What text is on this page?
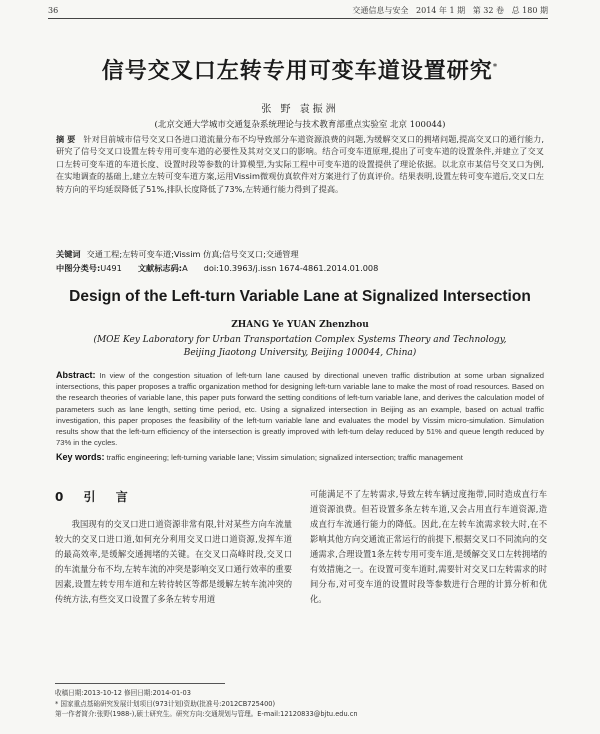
36	交通信息与安全 2014 年 1 期 第 32 卷 总 180 期
信号交叉口左转专用可变车道设置研究*
张 野 袁振洲
(北京交通大学城市交通复杂系统理论与技术教育部重点实验室 北京 100044)
摘 要 针对目前城市信号交叉口各进口道流量分布不均导致部分车道资源浪费的问题,为缓解交叉口的拥堵问题,提高交叉口的通行能力,研究了信号交叉口设置左转专用可变车道的必要性及其对交叉口的影响。结合可变车道原理,提出了可变车道的设置条件,并建立了交叉口左转可变车道的车道长度、设置时段等参数的计算模型,为实际工程中可变车道的设置提供了理论依据。以北京市某信号交叉口为例,在实地调查的基础上,建立左转可变车道方案,运用Vissim微观仿真软件对方案进行了仿真评价。结果表明,设置左转可变车道后,交叉口左转方向的平均延误降低了51%,排队长度降低了73%,左转通行能力得到了提高。
关键词 交通工程;左转可变车道;Vissim 仿真;信号交叉口;交通管理
中图分类号:U491 文献标志码:A doi:10.3963/j.issn 1674-4861.2014.01.008
Design of the Left-turn Variable Lane at Signalized Intersection
ZHANG Ye YUAN Zhenzhou
(MOE Key Laboratory for Urban Transportation Complex Systems Theory and Technology, Beijing Jiaotong University, Beijing 100044, China)
Abstract: In view of the congestion situation of left-turn lane caused by directional uneven traffic distribution at some urban signalized intersections, this paper proposes a traffic organization method for designing left-turn variable lane to make the most of road resources. Based on the research theories of variable lane, this paper puts forward the setting conditions of left-turn variable lane, and derives the calculation model of parameters such as lane length, setting time period, etc. Using a signalized intersection in Beijing as an example, based on actual traffic investigation, this paper proposes the feasibility of the left-turn variable lane and evaluates the model by Vissim micro-simulation. Simulation results show that the left-turn efficiency of the intersection is greatly improved with left-turn delay reduced by 51% and queue length reduced by 73% in the cycles.
Key words: traffic engineering; left-turning variable lane; Vissim simulation; signalized intersection; traffic management
0 引 言

我国现有的交叉口进口道资源非常有限,针对某些方向车流量较大的交叉口进口道,如何充分利用交叉口进口道资源,发挥车道的最高效率,是缓解交通拥堵的关键。在交叉口高峰时段,交叉口的车流量分布不均,左转车流的冲突是影响交叉口通行效率的重要因素,设置左转专用车道和左转待转区等都是缓解左转车流冲突的传统方法,有些交叉口设置了多条左转专用道

可能满足不了左转需求,导致左转车辆过度拖带,同时造成直行车道资源浪费。但若设置多条左转车道,又会占用直行车道资源,造成直行车流通行能力的降低。因此,在左转车流需求较大时,在不影响其他方向交通流正常运行的前提下,根据交叉口不同流向的交通需求,合理设置1条左转专用可变车道,是缓解交叉口左转拥堵的有效措施之一。在设置可变车道时,需要针对交叉口左转需求的时间分布,对可变车道的设置时段等参数进行合理的计算分析和优化。

收稿日期:2013-10-12 修回日期:2014-01-03

* 国家重点基础研究发展计划项目(973计划)资助(批准号:2012CB725400)

第一作者简介:张野(1988-),硕士研究生。研究方向:交通规划与管理。E-mail:12120833@bjtu.edu.cn
